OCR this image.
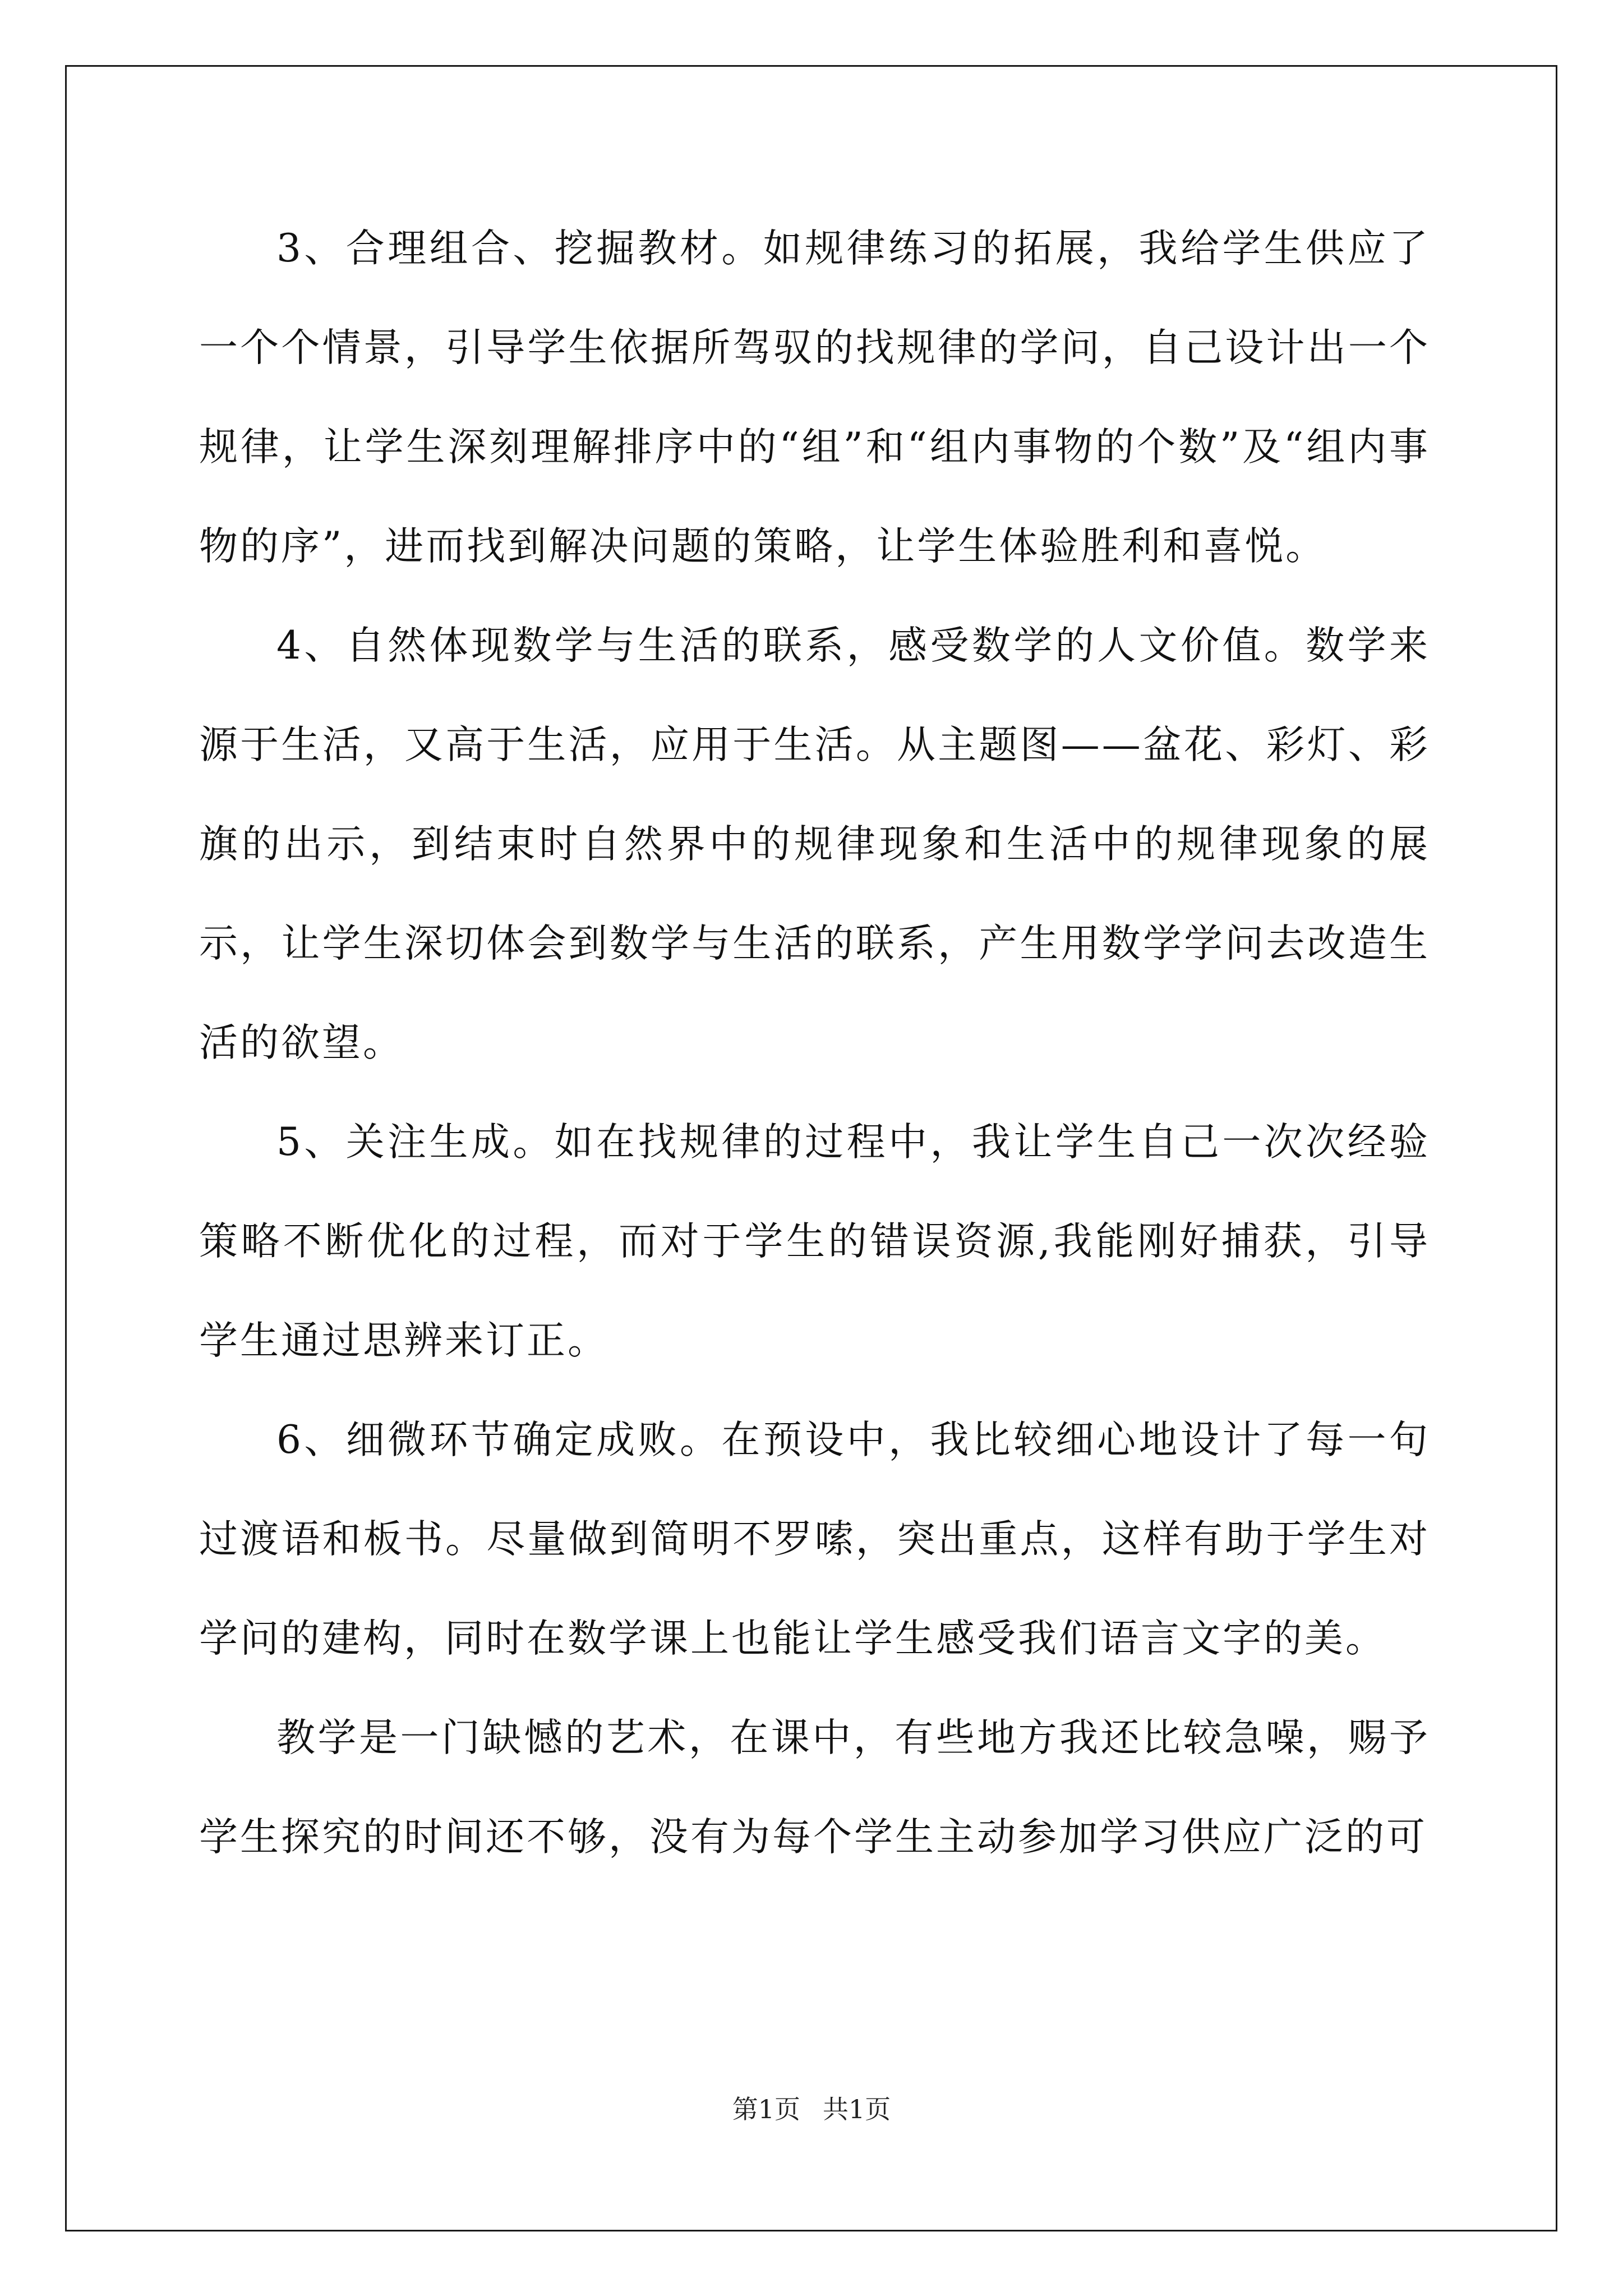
3、合理组合、挖掘教材。如规律练习的拓展，我给学生供应了一个个情景，引导学生依据所驾驭的找规律的学问，自己设计出一个规律，让学生深刻理解排序中的“组”和“组内事物的个数”及“组内事物的序”，进而找到解决问题的策略，让学生体验胜利和喜悦。

4、自然体现数学与生活的联系，感受数学的人文价值。数学来源于生活，又高于生活，应用于生活。从主题图——盆花、彩灯、彩旗的出示，到结束时自然界中的规律现象和生活中的规律现象的展示，让学生深切体会到数学与生活的联系，产生用数学学问去改造生活的欲望。

5、关注生成。如在找规律的过程中，我让学生自己一次次经验策略不断优化的过程，而对于学生的错误资源,我能刚好捕获，引导学生通过思辨来订正。

6、细微环节确定成败。在预设中，我比较细心地设计了每一句过渡语和板书。尽量做到简明不罗嗦，突出重点，这样有助于学生对学问的建构，同时在数学课上也能让学生感受我们语言文字的美。

教学是一门缺憾的艺术，在课中，有些地方我还比较急噪，赐予学生探究的时间还不够，没有为每个学生主动参加学习供应广泛的可

第1页 共1页
